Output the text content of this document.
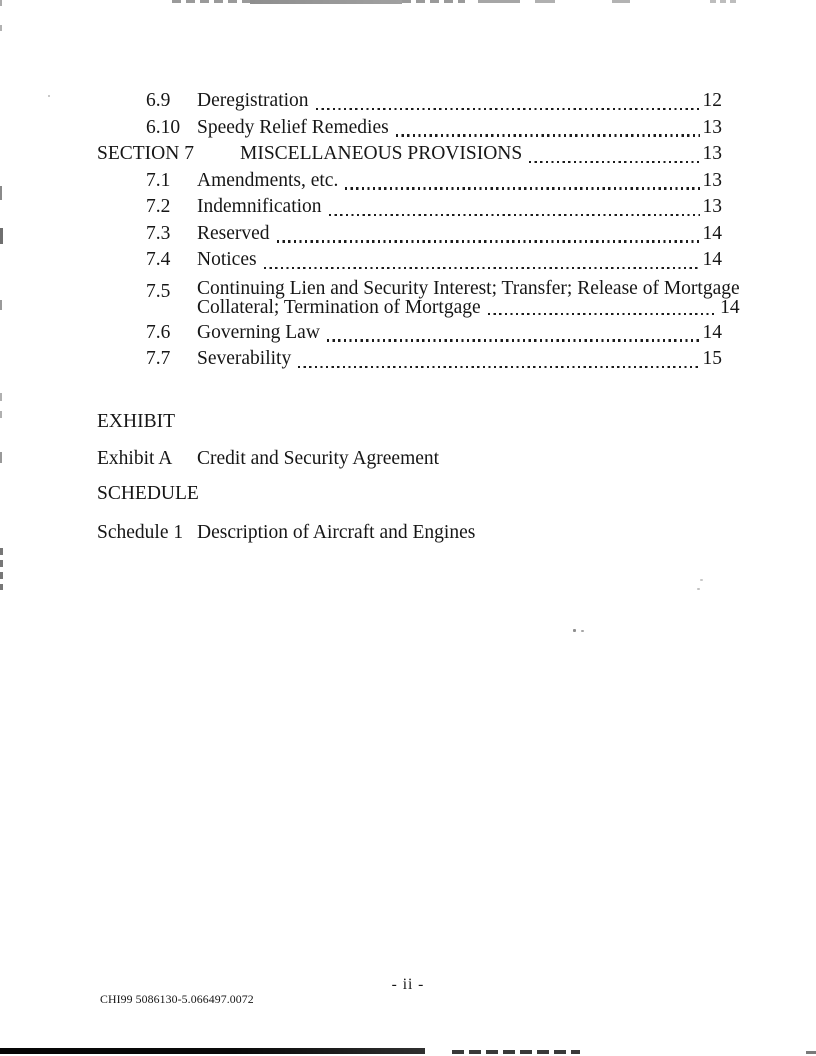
6.9	Deregistration	12
6.10 Speedy Relief Remedies	13
SECTION 7	MISCELLANEOUS PROVISIONS	13
7.1	Amendments, etc.	13
7.2	Indemnification	13
7.3	Reserved	14
7.4	Notices	14
7.5	Continuing Lien and Security Interest; Transfer; Release of Mortgage
Collateral; Termination of Mortgage	14
7.6	Governing Law	14
7.7	Severability	15
EXHIBIT
Exhibit A	Credit and Security Agreement
SCHEDULE
Schedule 1 Description of Aircraft and Engines
- ii -
CHI99 5086130-5.066497.0072
